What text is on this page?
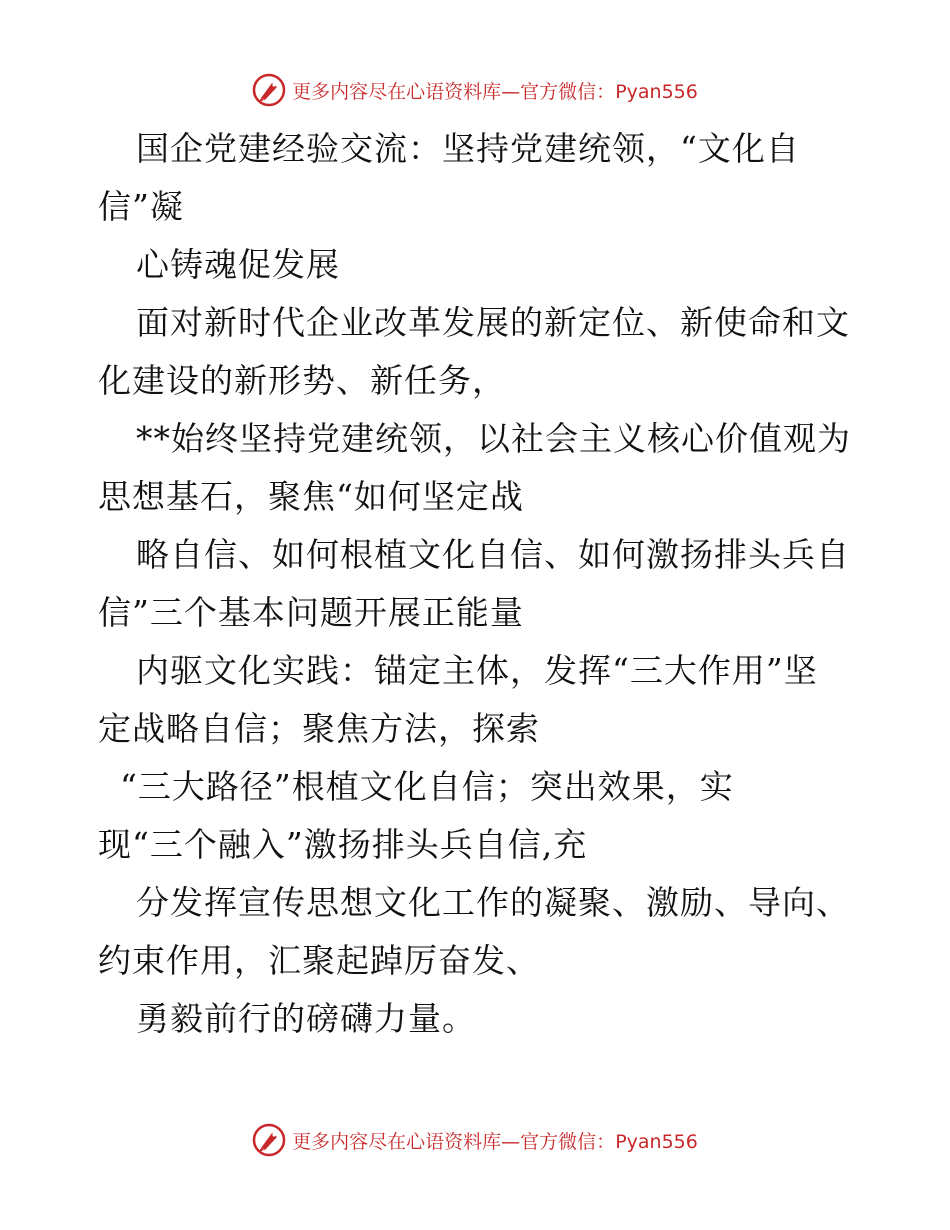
更多内容尽在心语资料库—官方微信：Pyan556
国企党建经验交流：坚持党建统领，“文化自
信”凝
心铸魂促发展
面对新时代企业改革发展的新定位、新使命和文
化建设的新形势、新任务，
**始终坚持党建统领，以社会主义核心价值观为
思想基石，聚焦“如何坚定战
略自信、如何根植文化自信、如何激扬排头兵自
信”三个基本问题开展正能量
内驱文化实践：锚定主体，发挥“三大作用”坚
定战略自信；聚焦方法，探索
“三大路径”根植文化自信；突出效果，实
现“三个融入”激扬排头兵自信,充
分发挥宣传思想文化工作的凝聚、激励、导向、
约束作用，汇聚起踔厉奋发、
勇毅前行的磅礴力量。
更多内容尽在心语资料库—官方微信：Pyan556
